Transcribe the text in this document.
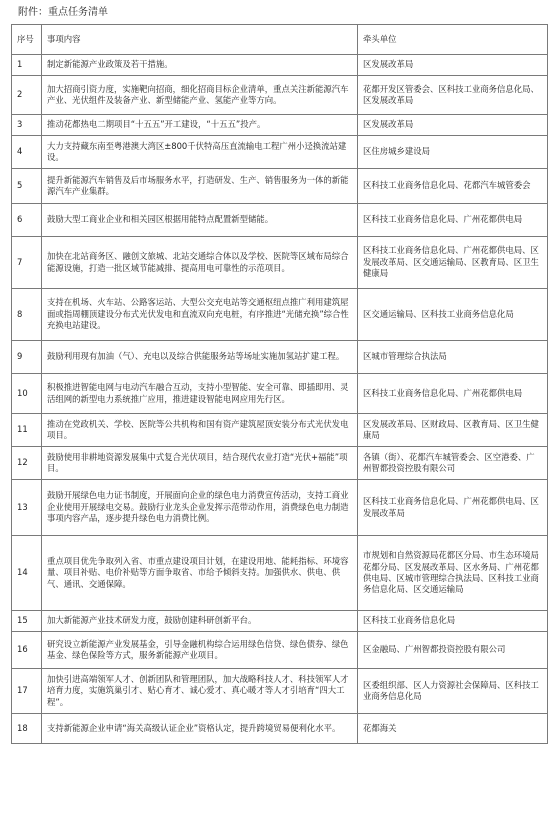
附件：重点任务清单
序号	事项内容	牵头单位

1	制定新能源产业政策及若干措施。	区发展改革局

2	加大招商引资力度，实施靶向招商，细化招商目标企业清单，重点关注新能源汽车产业、光伏组件及装备产业、新型储能产业、氢能产业等方向。	花都开发区管委会、区科技工业商务信息化局、区发展改革局

3	推动花都热电二期项目“十五五”开工建设，“十五五”投产。	区发展改革局

4	大力支持藏东南至粤港澳大湾区±800千伏特高压直流输电工程广州小迳换流站建设。	区住房城乡建设局

5	提升新能源汽车销售及后市场服务水平，打造研发、生产、销售服务为一体的新能源汽车产业集群。	区科技工业商务信息化局、花都汽车城管委会

6	鼓励大型工商业企业和相关园区根据用能特点配置新型储能。	区科技工业商务信息化局、广州花都供电局

7	加快在北站商务区、融创文旅城、北站交通综合体以及学校、医院等区域布局综合能源设施，打造一批区域节能减排、提高用电可靠性的示范项目。	区科技工业商务信息化局、广州花都供电局、区发展改革局、区交通运输局、区教育局、区卫生健康局

8	支持在机场、火车站、公路客运站、大型公交充电站等交通枢纽点推广利用建筑屋面或指周棚顶建设分布式光伏发电和直流双向充电桩，有序推进“光储充换”综合性充换电站建设。	区交通运输局、区科技工业商务信息化局

9	鼓励利用现有加油（气）、充电以及综合供能服务站等场址实施加氢站扩建工程。	区城市管理综合执法局

10	积极推进智能电网与电动汽车融合互动，支持小型智能、安全可靠、即插即用、灵活组网的新型电力系统推广应用，推进建设智能电网应用先行区。	区科技工业商务信息化局、广州花都供电局

11	推动在党政机关、学校、医院等公共机构和国有资产建筑屋顶安装分布式光伏发电项目。	区发展改革局、区财政局、区教育局、区卫生健康局

12	鼓励使用非耕地资源发展集中式复合光伏项目，结合现代农业打造“光伏+福能”项目。	各镇（街）、花都汽车城管委会、区空港委、广州智都投资控股有限公司

13	鼓励开展绿色电力证书制度，开展面向企业的绿色电力消费宣传活动，支持工商业企业使用开展绿电交易。鼓励行业龙头企业发挥示范带动作用，消费绿色电力制造事项内容产品，逐步提升绿色电力消费比例。	区科技工业商务信息化局、广州花都供电局、区发展改革局

14	重点项目优先争取列入省、市重点建设项目计划，在建设用地、能耗指标、环境容量、项目补贴、电价补贴等方面争取省、市给予倾斜支持。加强供水、供电、供气、通讯、交通保障。	市规划和自然资源局花都区分局、市生态环境局花都分局、区发展改革局、区水务局、广州花都供电局、区城市管理综合执法局、区科技工业商务信息化局、区交通运输局

15	加大新能源产业技术研发力度，鼓励创建科研创新平台。	区科技工业商务信息化局

16	研究设立新能源产业发展基金，引导金融机构综合运用绿色信贷、绿色债券、绿色基金、绿色保险等方式，服务新能源产业项目。	区金融局、广州智都投资控股有限公司

17	加快引进高端领军人才、创新团队和管理团队，加大战略科技人才、科技领军人才培育力度，实施筑巢引才、贴心育才、诚心爱才、真心暖才等人才引培育“四大工程”。	区委组织部、区人力资源社会保障局、区科技工业商务信息化局

18	支持新能源企业申请“海关高级认证企业”资格认定，提升跨境贸易便利化水平。	花都海关
